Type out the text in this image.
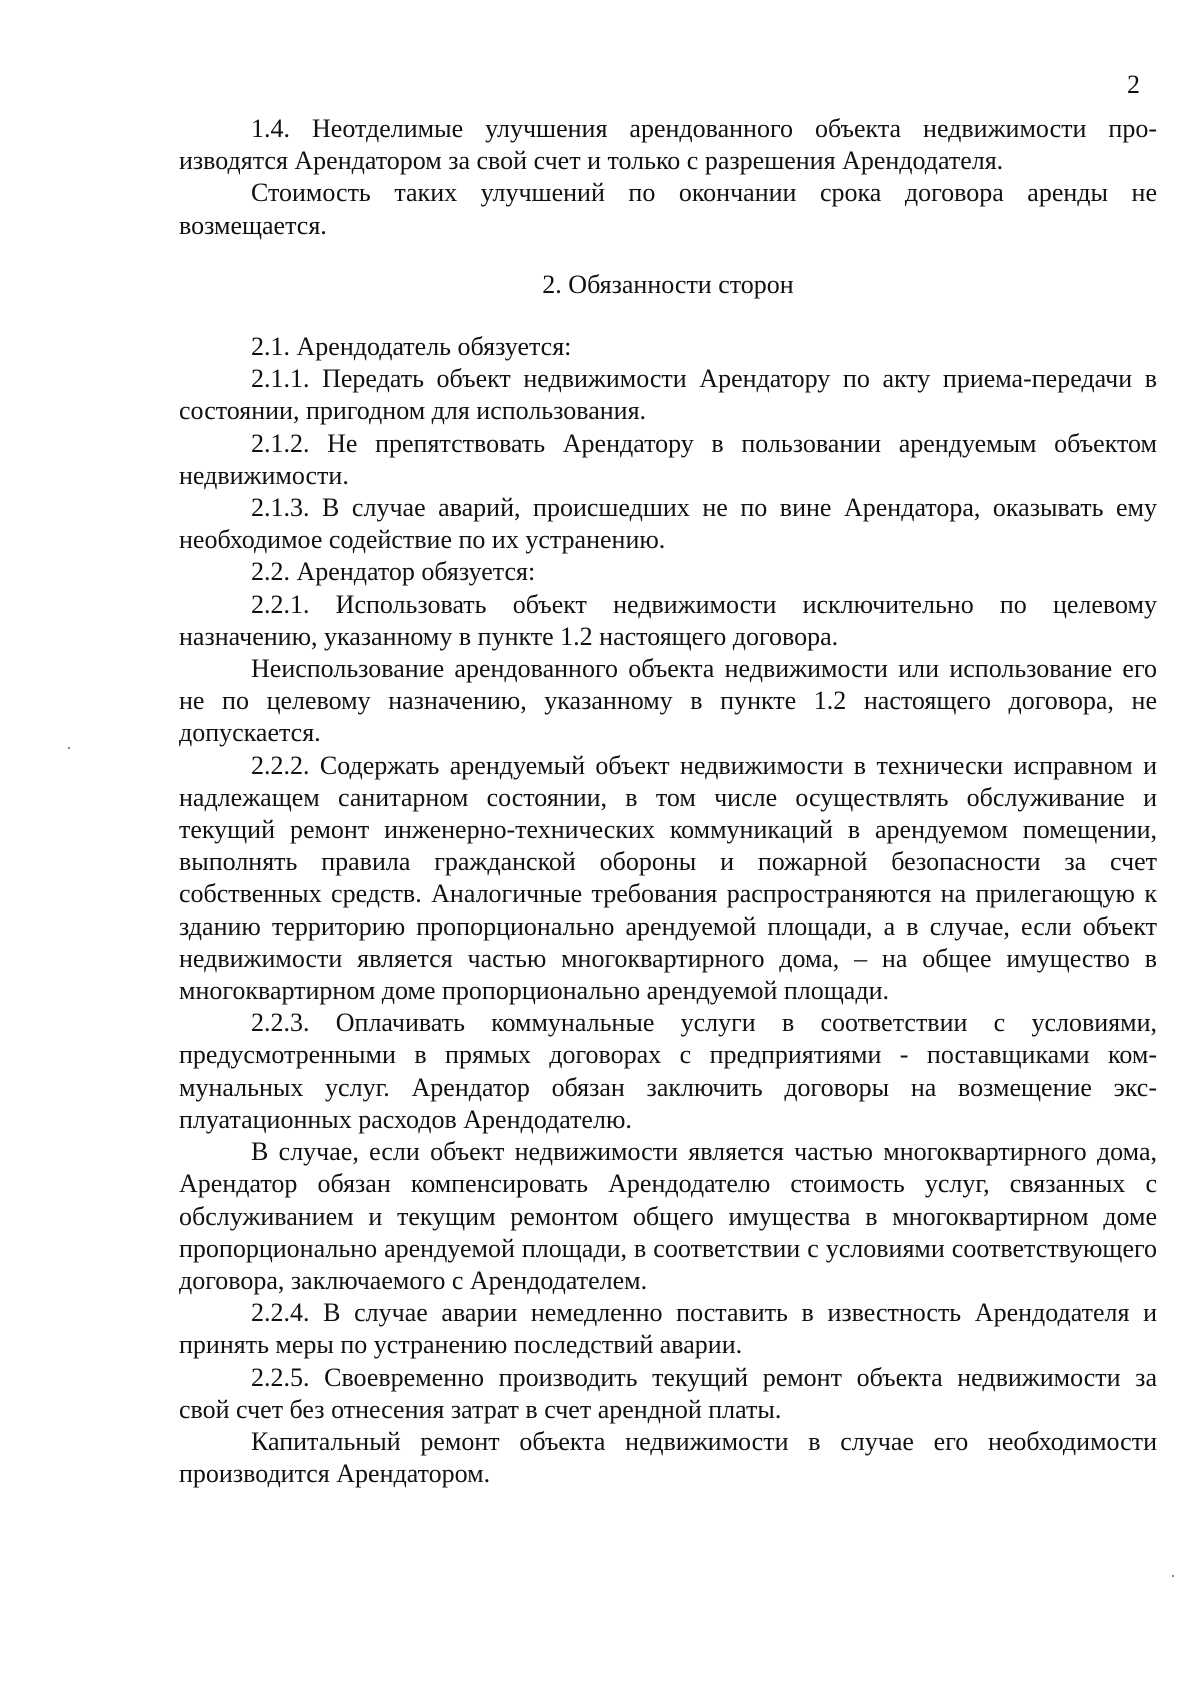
2

1.4. Неотделимые улучшения арендованного объекта недвижимости производятся Арендатором за свой счет и только с разрешения Арендодателя.

Стоимость таких улучшений по окончании срока договора аренды не возмещается.

2. Обязанности сторон

2.1. Арендодатель обязуется:

2.1.1. Передать объект недвижимости Арендатору по акту приема-передачи в состоянии, пригодном для использования.

2.1.2. Не препятствовать Арендатору в пользовании арендуемым объектом недвижимости.

2.1.3. В случае аварий, происшедших не по вине Арендатора, оказывать ему необходимое содействие по их устранению.

2.2. Арендатор обязуется:

2.2.1. Использовать объект недвижимости исключительно по целевому назначению, указанному в пункте 1.2 настоящего договора.

Неиспользование арендованного объекта недвижимости или использование его не по целевому назначению, указанному в пункте 1.2 настоящего договора, не допускается.

2.2.2. Содержать арендуемый объект недвижимости в технически исправном и надлежащем санитарном состоянии, в том числе осуществлять обслуживание и текущий ремонт инженерно-технических коммуникаций в арендуемом помещении, выполнять правила гражданской обороны и пожарной безопасности за счет собственных средств. Аналогичные требования распространяются на прилегающую к зданию территорию пропорционально арендуемой площади, а в случае, если объект недвижимости является частью многоквартирного дома, – на общее имущество в многоквартирном доме пропорционально арендуемой площади.

2.2.3. Оплачивать коммунальные услуги в соответствии с условиями, предусмотренными в прямых договорах с предприятиями - поставщиками коммунальных услуг. Арендатор обязан заключить договоры на возмещение эксплуатационных расходов Арендодателю.

В случае, если объект недвижимости является частью многоквартирного дома, Арендатор обязан компенсировать Арендодателю стоимость услуг, связанных с обслуживанием и текущим ремонтом общего имущества в многоквартирном доме пропорционально арендуемой площади, в соответствии с условиями соответствующего договора, заключаемого с Арендодателем.

2.2.4. В случае аварии немедленно поставить в известность Арендодателя и принять меры по устранению последствий аварии.

2.2.5. Своевременно производить текущий ремонт объекта недвижимости за свой счет без отнесения затрат в счет арендной платы.

Капитальный ремонт объекта недвижимости в случае его необходимости производится Арендатором.
